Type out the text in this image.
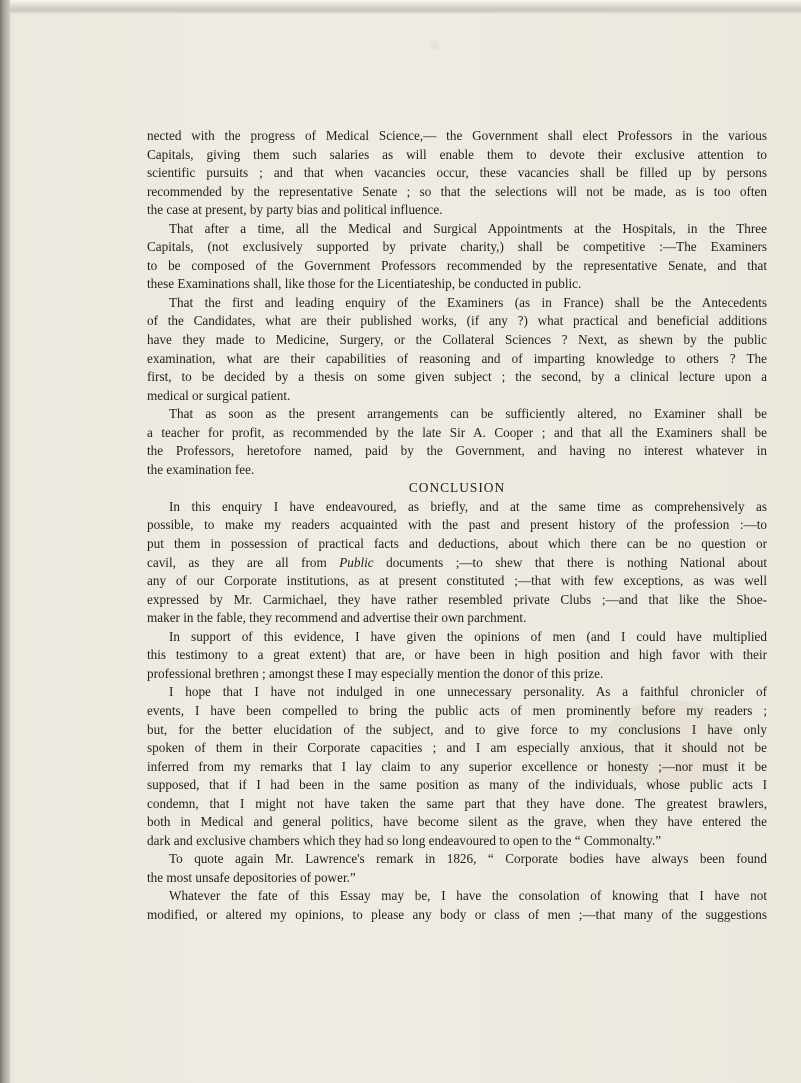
nected with the progress of Medical Science,— the Government shall elect Professors in the various
Capitals, giving them such salaries as will enable them to devote their exclusive attention to
scientific pursuits ; and that when vacancies occur, these vacancies shall be filled up by persons
recommended by the representative Senate ; so that the selections will not be made, as is too often
the case at present, by party bias and political influence.
That after a time, all the Medical and Surgical Appointments at the Hospitals, in the Three
Capitals, (not exclusively supported by private charity,) shall be competitive :—The Examiners
to be composed of the Government Professors recommended by the representative Senate, and that
these Examinations shall, like those for the Licentiateship, be conducted in public.
That the first and leading enquiry of the Examiners (as in France) shall be the Antecedents
of the Candidates, what are their published works, (if any ?) what practical and beneficial additions
have they made to Medicine, Surgery, or the Collateral Sciences ? Next, as shewn by the public
examination, what are their capabilities of reasoning and of imparting knowledge to others ? The
first, to be decided by a thesis on some given subject ; the second, by a clinical lecture upon a
medical or surgical patient.
That as soon as the present arrangements can be sufficiently altered, no Examiner shall be
a teacher for profit, as recommended by the late Sir A. Cooper ; and that all the Examiners shall be
the Professors, heretofore named, paid by the Government, and having no interest whatever in
the examination fee.
CONCLUSION
In this enquiry I have endeavoured, as briefly, and at the same time as comprehensively as
possible, to make my readers acquainted with the past and present history of the profession :—to
put them in possession of practical facts and deductions, about which there can be no question or
cavil, as they are all from Public documents ;—to shew that there is nothing National about
any of our Corporate institutions, as at present constituted ;—that with few exceptions, as was well
expressed by Mr. Carmichael, they have rather resembled private Clubs ;—and that like the Shoe-
maker in the fable, they recommend and advertise their own parchment.
In support of this evidence, I have given the opinions of men (and I could have multiplied
this testimony to a great extent) that are, or have been in high position and high favor with their
professional brethren ; amongst these I may especially mention the donor of this prize.
I hope that I have not indulged in one unnecessary personality. As a faithful chronicler of
events, I have been compelled to bring the public acts of men prominently before my readers ;
but, for the better elucidation of the subject, and to give force to my conclusions I have only
spoken of them in their Corporate capacities ; and I am especially anxious, that it should not be
inferred from my remarks that I lay claim to any superior excellence or honesty ;—nor must it be
supposed, that if I had been in the same position as many of the individuals, whose public acts I
condemn, that I might not have taken the same part that they have done. The greatest brawlers,
both in Medical and general politics, have become silent as the grave, when they have entered the
dark and exclusive chambers which they had so long endeavoured to open to the “ Commonalty.”
To quote again Mr. Lawrence's remark in 1826, “ Corporate bodies have always been found
the most unsafe depositories of power.”
Whatever the fate of this Essay may be, I have the consolation of knowing that I have not
modified, or altered my opinions, to please any body or class of men ;—that many of the suggestions
